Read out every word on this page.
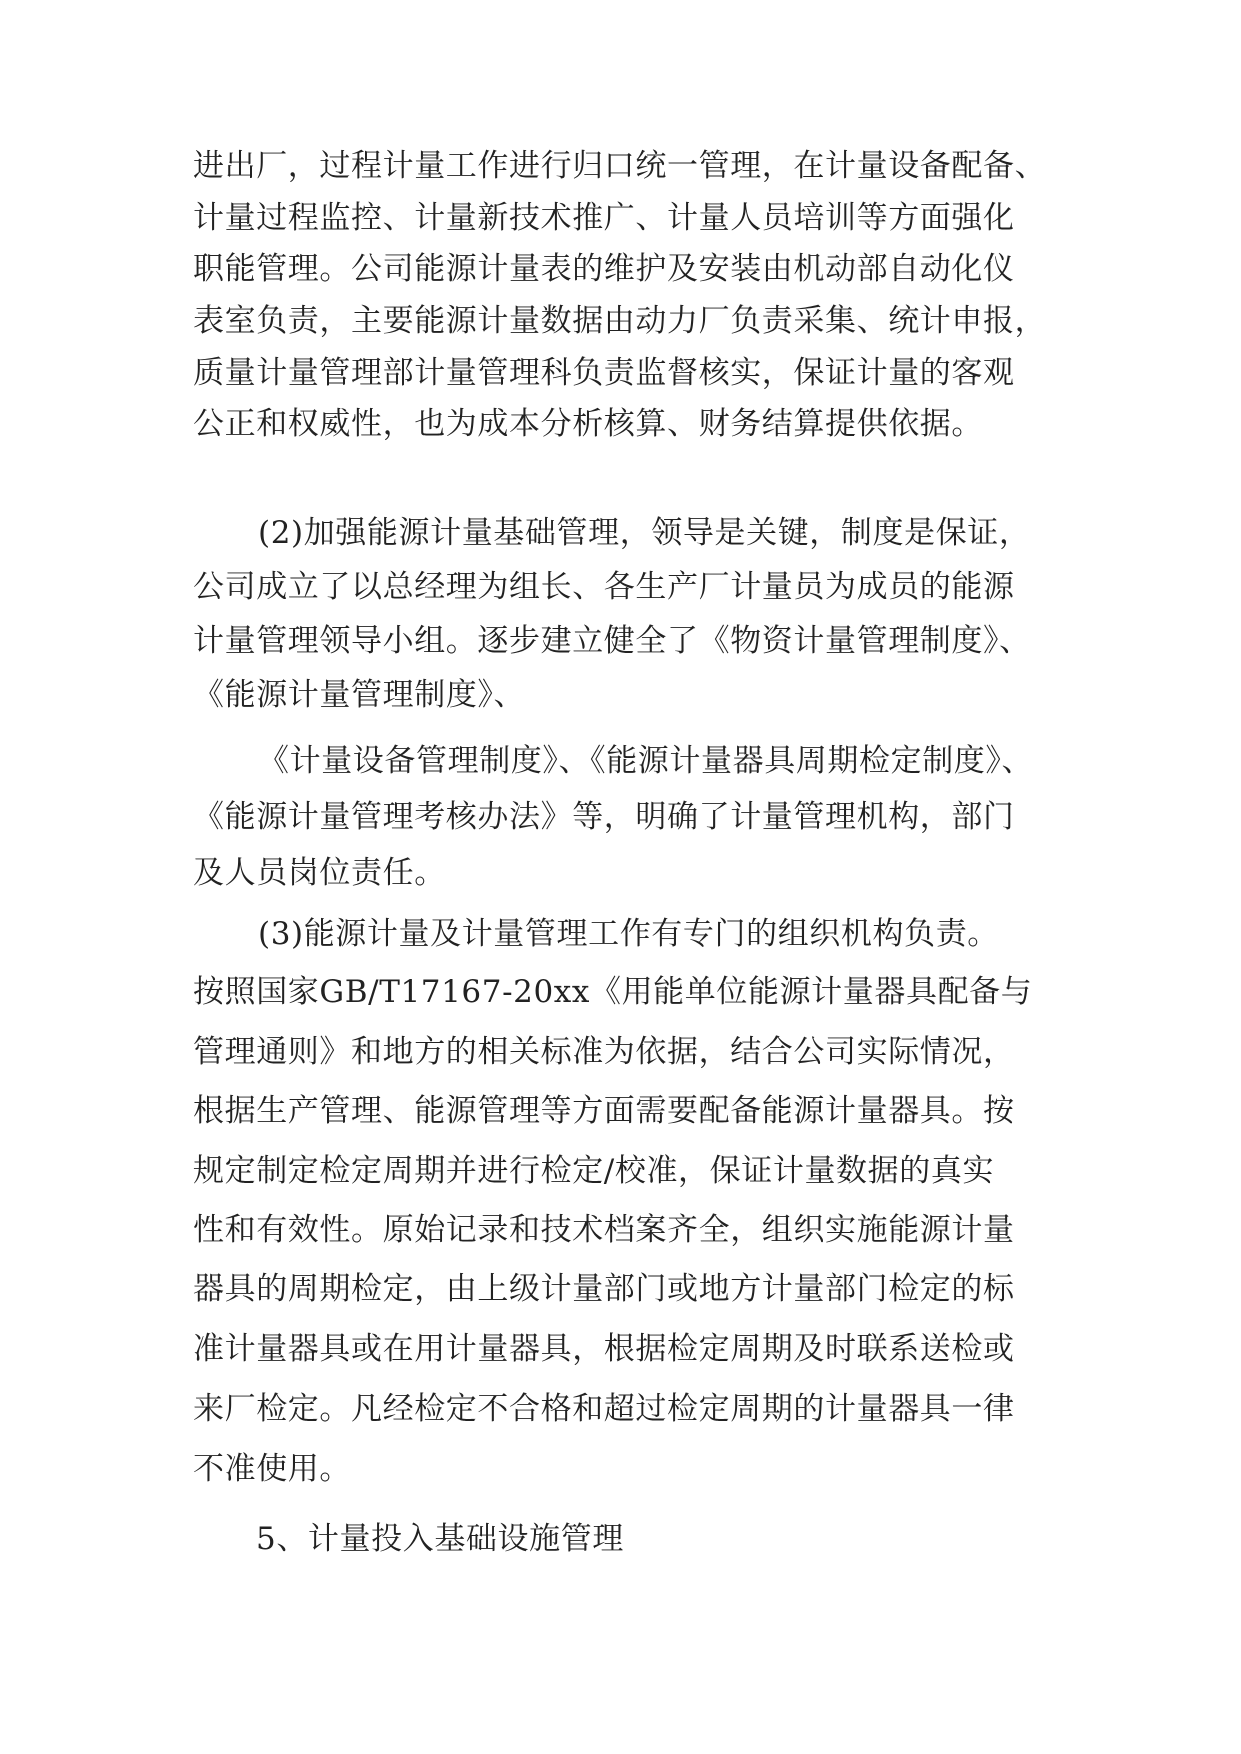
进出厂，过程计量工作进行归口统一管理，在计量设备配备、
计量过程监控、计量新技术推广、计量人员培训等方面强化
职能管理。公司能源计量表的维护及安装由机动部自动化仪
表室负责，主要能源计量数据由动力厂负责采集、统计申报，
质量计量管理部计量管理科负责监督核实，保证计量的客观
公正和权威性，也为成本分析核算、财务结算提供依据。
(2)加强能源计量基础管理，领导是关键，制度是保证，
公司成立了以总经理为组长、各生产厂计量员为成员的能源
计量管理领导小组。逐步建立健全了《物资计量管理制度》、
《能源计量管理制度》、
《计量设备管理制度》、《能源计量器具周期检定制度》、
《能源计量管理考核办法》等，明确了计量管理机构，部门
及人员岗位责任。
(3)能源计量及计量管理工作有专门的组织机构负责。
按照国家GB/T17167-20xx《用能单位能源计量器具配备与
管理通则》和地方的相关标准为依据，结合公司实际情况，
根据生产管理、能源管理等方面需要配备能源计量器具。按
规定制定检定周期并进行检定/校准，保证计量数据的真实
性和有效性。原始记录和技术档案齐全，组织实施能源计量
器具的周期检定，由上级计量部门或地方计量部门检定的标
准计量器具或在用计量器具，根据检定周期及时联系送检或
来厂检定。凡经检定不合格和超过检定周期的计量器具一律
不准使用。
5、计量投入基础设施管理
